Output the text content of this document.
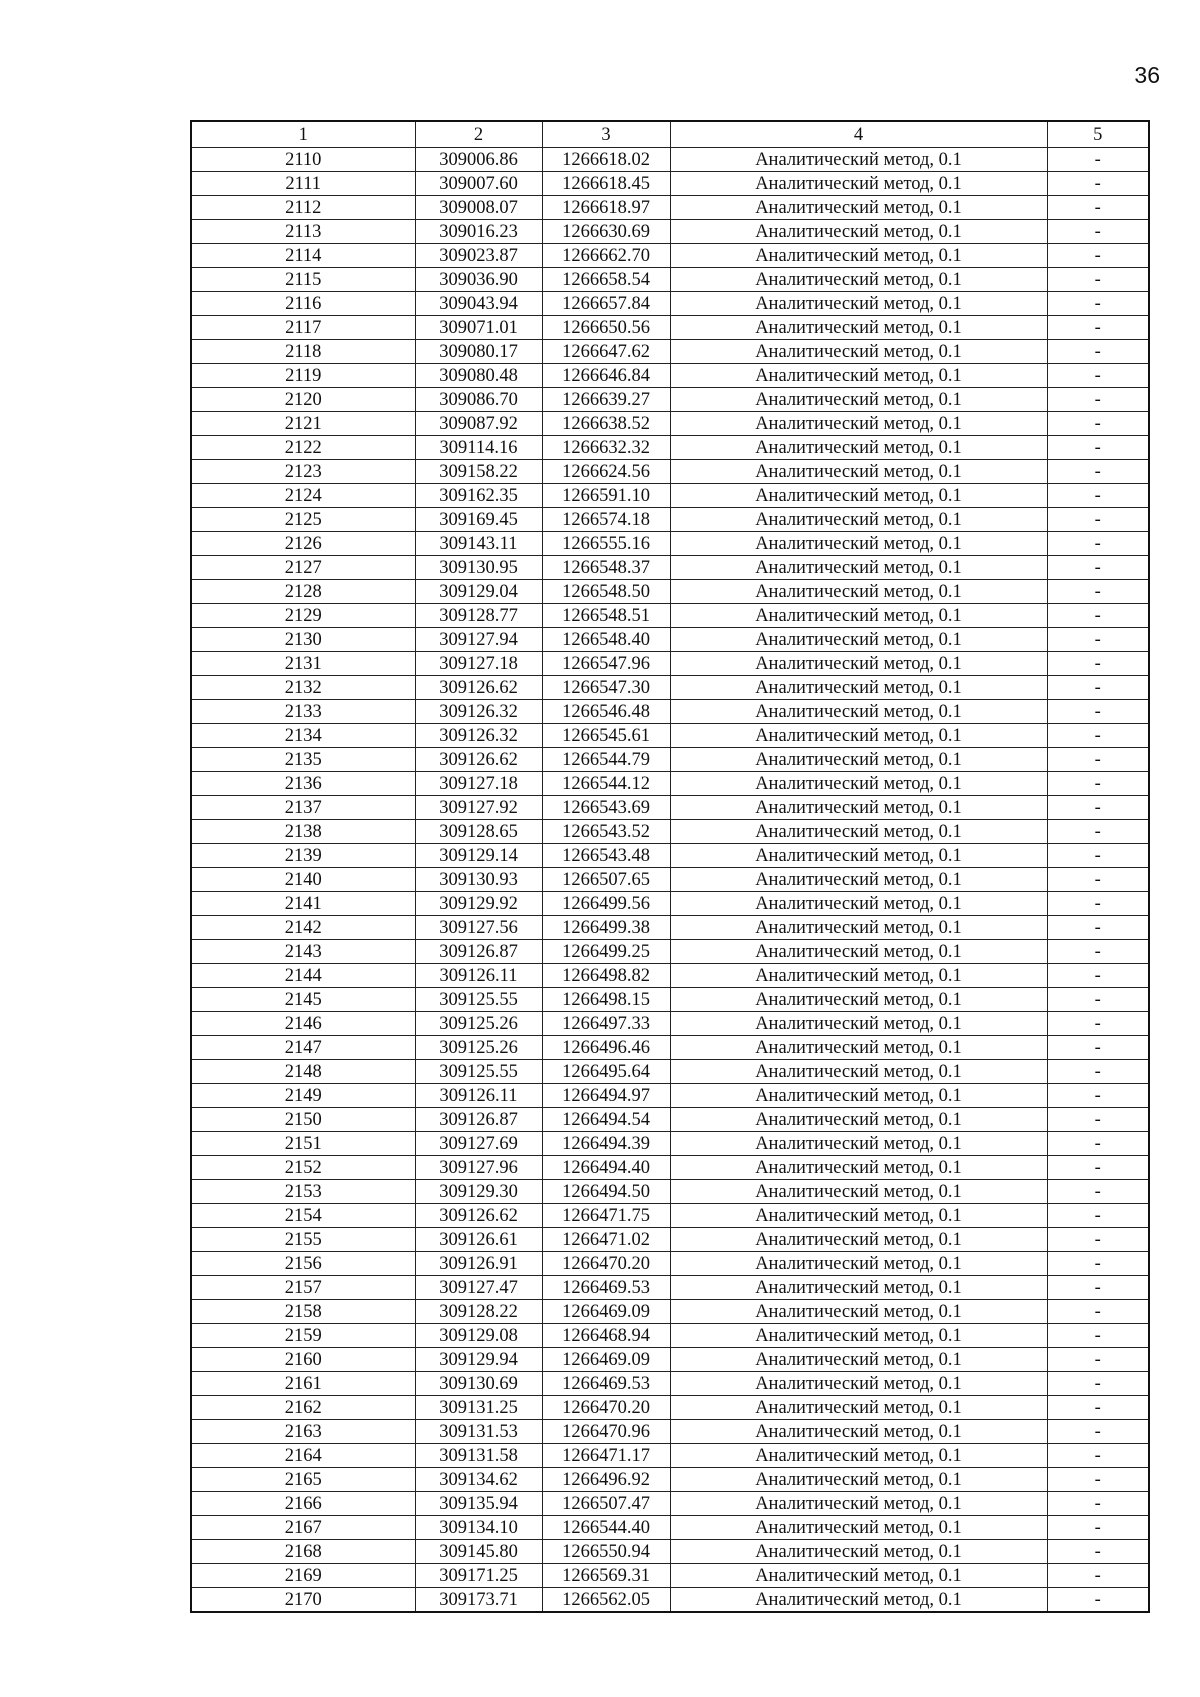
36
1	2	3	4	5
2110	309006.86	1266618.02	Аналитический метод, 0.1	-
2111	309007.60	1266618.45	Аналитический метод, 0.1	-
2112	309008.07	1266618.97	Аналитический метод, 0.1	-
2113	309016.23	1266630.69	Аналитический метод, 0.1	-
2114	309023.87	1266662.70	Аналитический метод, 0.1	-
2115	309036.90	1266658.54	Аналитический метод, 0.1	-
2116	309043.94	1266657.84	Аналитический метод, 0.1	-
2117	309071.01	1266650.56	Аналитический метод, 0.1	-
2118	309080.17	1266647.62	Аналитический метод, 0.1	-
2119	309080.48	1266646.84	Аналитический метод, 0.1	-
2120	309086.70	1266639.27	Аналитический метод, 0.1	-
2121	309087.92	1266638.52	Аналитический метод, 0.1	-
2122	309114.16	1266632.32	Аналитический метод, 0.1	-
2123	309158.22	1266624.56	Аналитический метод, 0.1	-
2124	309162.35	1266591.10	Аналитический метод, 0.1	-
2125	309169.45	1266574.18	Аналитический метод, 0.1	-
2126	309143.11	1266555.16	Аналитический метод, 0.1	-
2127	309130.95	1266548.37	Аналитический метод, 0.1	-
2128	309129.04	1266548.50	Аналитический метод, 0.1	-
2129	309128.77	1266548.51	Аналитический метод, 0.1	-
2130	309127.94	1266548.40	Аналитический метод, 0.1	-
2131	309127.18	1266547.96	Аналитический метод, 0.1	-
2132	309126.62	1266547.30	Аналитический метод, 0.1	-
2133	309126.32	1266546.48	Аналитический метод, 0.1	-
2134	309126.32	1266545.61	Аналитический метод, 0.1	-
2135	309126.62	1266544.79	Аналитический метод, 0.1	-
2136	309127.18	1266544.12	Аналитический метод, 0.1	-
2137	309127.92	1266543.69	Аналитический метод, 0.1	-
2138	309128.65	1266543.52	Аналитический метод, 0.1	-
2139	309129.14	1266543.48	Аналитический метод, 0.1	-
2140	309130.93	1266507.65	Аналитический метод, 0.1	-
2141	309129.92	1266499.56	Аналитический метод, 0.1	-
2142	309127.56	1266499.38	Аналитический метод, 0.1	-
2143	309126.87	1266499.25	Аналитический метод, 0.1	-
2144	309126.11	1266498.82	Аналитический метод, 0.1	-
2145	309125.55	1266498.15	Аналитический метод, 0.1	-
2146	309125.26	1266497.33	Аналитический метод, 0.1	-
2147	309125.26	1266496.46	Аналитический метод, 0.1	-
2148	309125.55	1266495.64	Аналитический метод, 0.1	-
2149	309126.11	1266494.97	Аналитический метод, 0.1	-
2150	309126.87	1266494.54	Аналитический метод, 0.1	-
2151	309127.69	1266494.39	Аналитический метод, 0.1	-
2152	309127.96	1266494.40	Аналитический метод, 0.1	-
2153	309129.30	1266494.50	Аналитический метод, 0.1	-
2154	309126.62	1266471.75	Аналитический метод, 0.1	-
2155	309126.61	1266471.02	Аналитический метод, 0.1	-
2156	309126.91	1266470.20	Аналитический метод, 0.1	-
2157	309127.47	1266469.53	Аналитический метод, 0.1	-
2158	309128.22	1266469.09	Аналитический метод, 0.1	-
2159	309129.08	1266468.94	Аналитический метод, 0.1	-
2160	309129.94	1266469.09	Аналитический метод, 0.1	-
2161	309130.69	1266469.53	Аналитический метод, 0.1	-
2162	309131.25	1266470.20	Аналитический метод, 0.1	-
2163	309131.53	1266470.96	Аналитический метод, 0.1	-
2164	309131.58	1266471.17	Аналитический метод, 0.1	-
2165	309134.62	1266496.92	Аналитический метод, 0.1	-
2166	309135.94	1266507.47	Аналитический метод, 0.1	-
2167	309134.10	1266544.40	Аналитический метод, 0.1	-
2168	309145.80	1266550.94	Аналитический метод, 0.1	-
2169	309171.25	1266569.31	Аналитический метод, 0.1	-
2170	309173.71	1266562.05	Аналитический метод, 0.1	-
